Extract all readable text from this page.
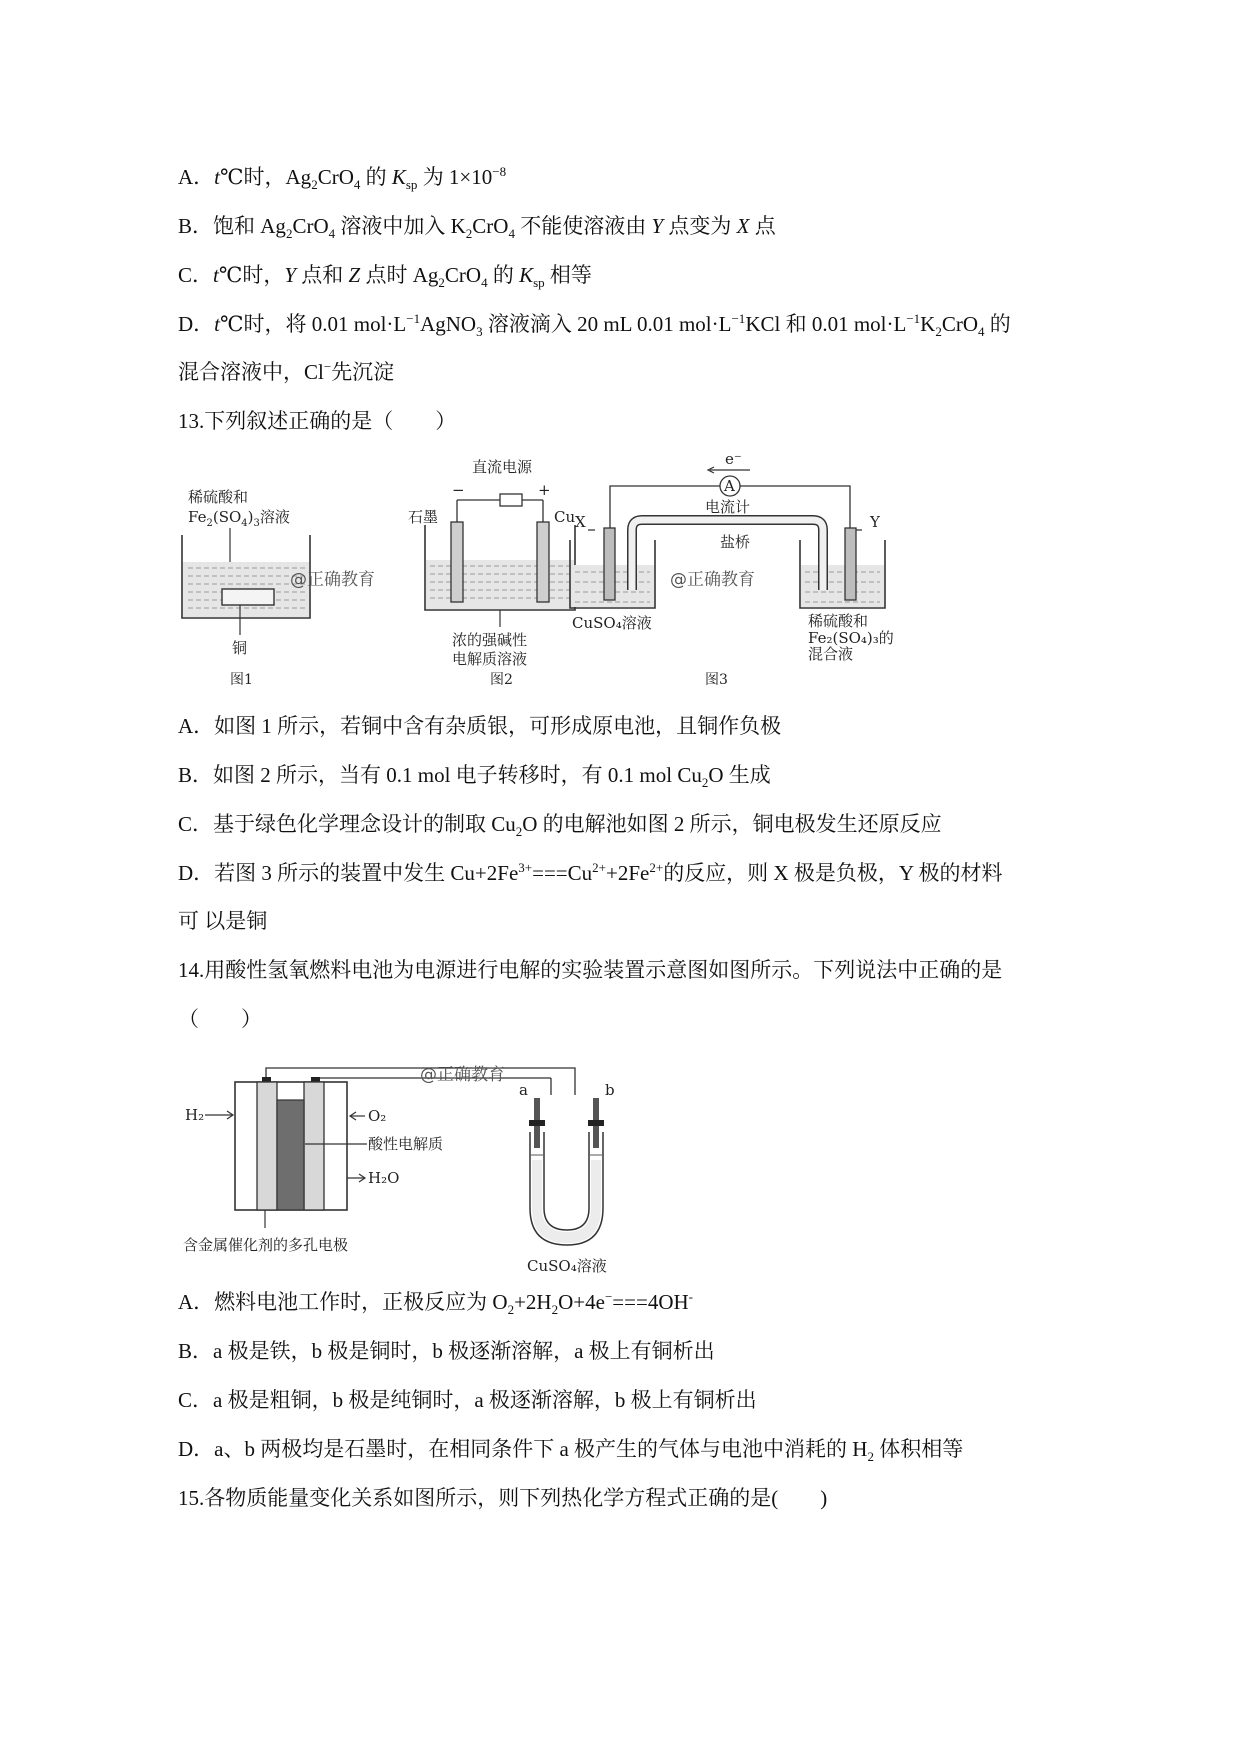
A．t℃时，$Ag_2CrO_4$ 的 $K_{sp}$ 为 $1\times 10^{-8}$
B．饱和 $Ag_2CrO_4$ 溶液中加入 $K_2CrO_4$ 不能使溶液由 Y 点变为 X 点
C．t℃时，Y 点和 Z 点时 $Ag_2CrO_4$ 的 $K_{sp}$ 相等
D．t℃时，将 0.01 $mol\cdot L^{-1}AgNO_3$ 溶液滴入 20 mL 0.01 $mol\cdot L^{-1}KCl$ 和 0.01 $mol\cdot L^{-1}K_2CrO_4$ 的
混合溶液中，Cl−先沉淀
13.下列叙述正确的是（　　）
稀硫酸和
$Fe_2(SO_4)_3$溶液
铜
图1
@正确教育
直流电源
−	+
石墨	Cu
浓的强碱性
电解质溶液
图2
e⁻
A
电流计
X	Y
盐桥
CuSO₄溶液	稀硫酸和
Fe₂(SO₄)₃的
混合液
图3
@正确教育
A．如图 1 所示，若铜中含有杂质银，可形成原电池，且铜作负极
B．如图 2 所示，当有 0.1 mol 电子转移时，有 0.1 mol $Cu_2O$ 生成
C．基于绿色化学理念设计的制取 $Cu_2O$ 的电解池如图 2 所示，铜电极发生还原反应
D．若图 3 所示的装置中发生 $Cu+2Fe^{3+}===Cu^{2+}+2Fe^{2+}$的反应，则 X 极是负极，Y 极的材料
可 以是铜
14.用酸性氢氧燃料电池为电源进行电解的实验装置示意图如图所示。下列说法中正确的是
（　　）
@正确教育
H₂	O₂
酸性电解质
H₂O
含金属催化剂的多孔电极
a	b
CuSO₄溶液
A．燃料电池工作时，正极反应为 $O_2+2H_2O+4e^-===4OH^-$
B．a 极是铁，b 极是铜时，b 极逐渐溶解，a 极上有铜析出
C．a 极是粗铜，b 极是纯铜时，a 极逐渐溶解，b 极上有铜析出
D．a、b 两极均是石墨时，在相同条件下 a 极产生的气体与电池中消耗的 $H_2$ 体积相等
15.各物质能量变化关系如图所示，则下列热化学方程式正确的是(　　)
